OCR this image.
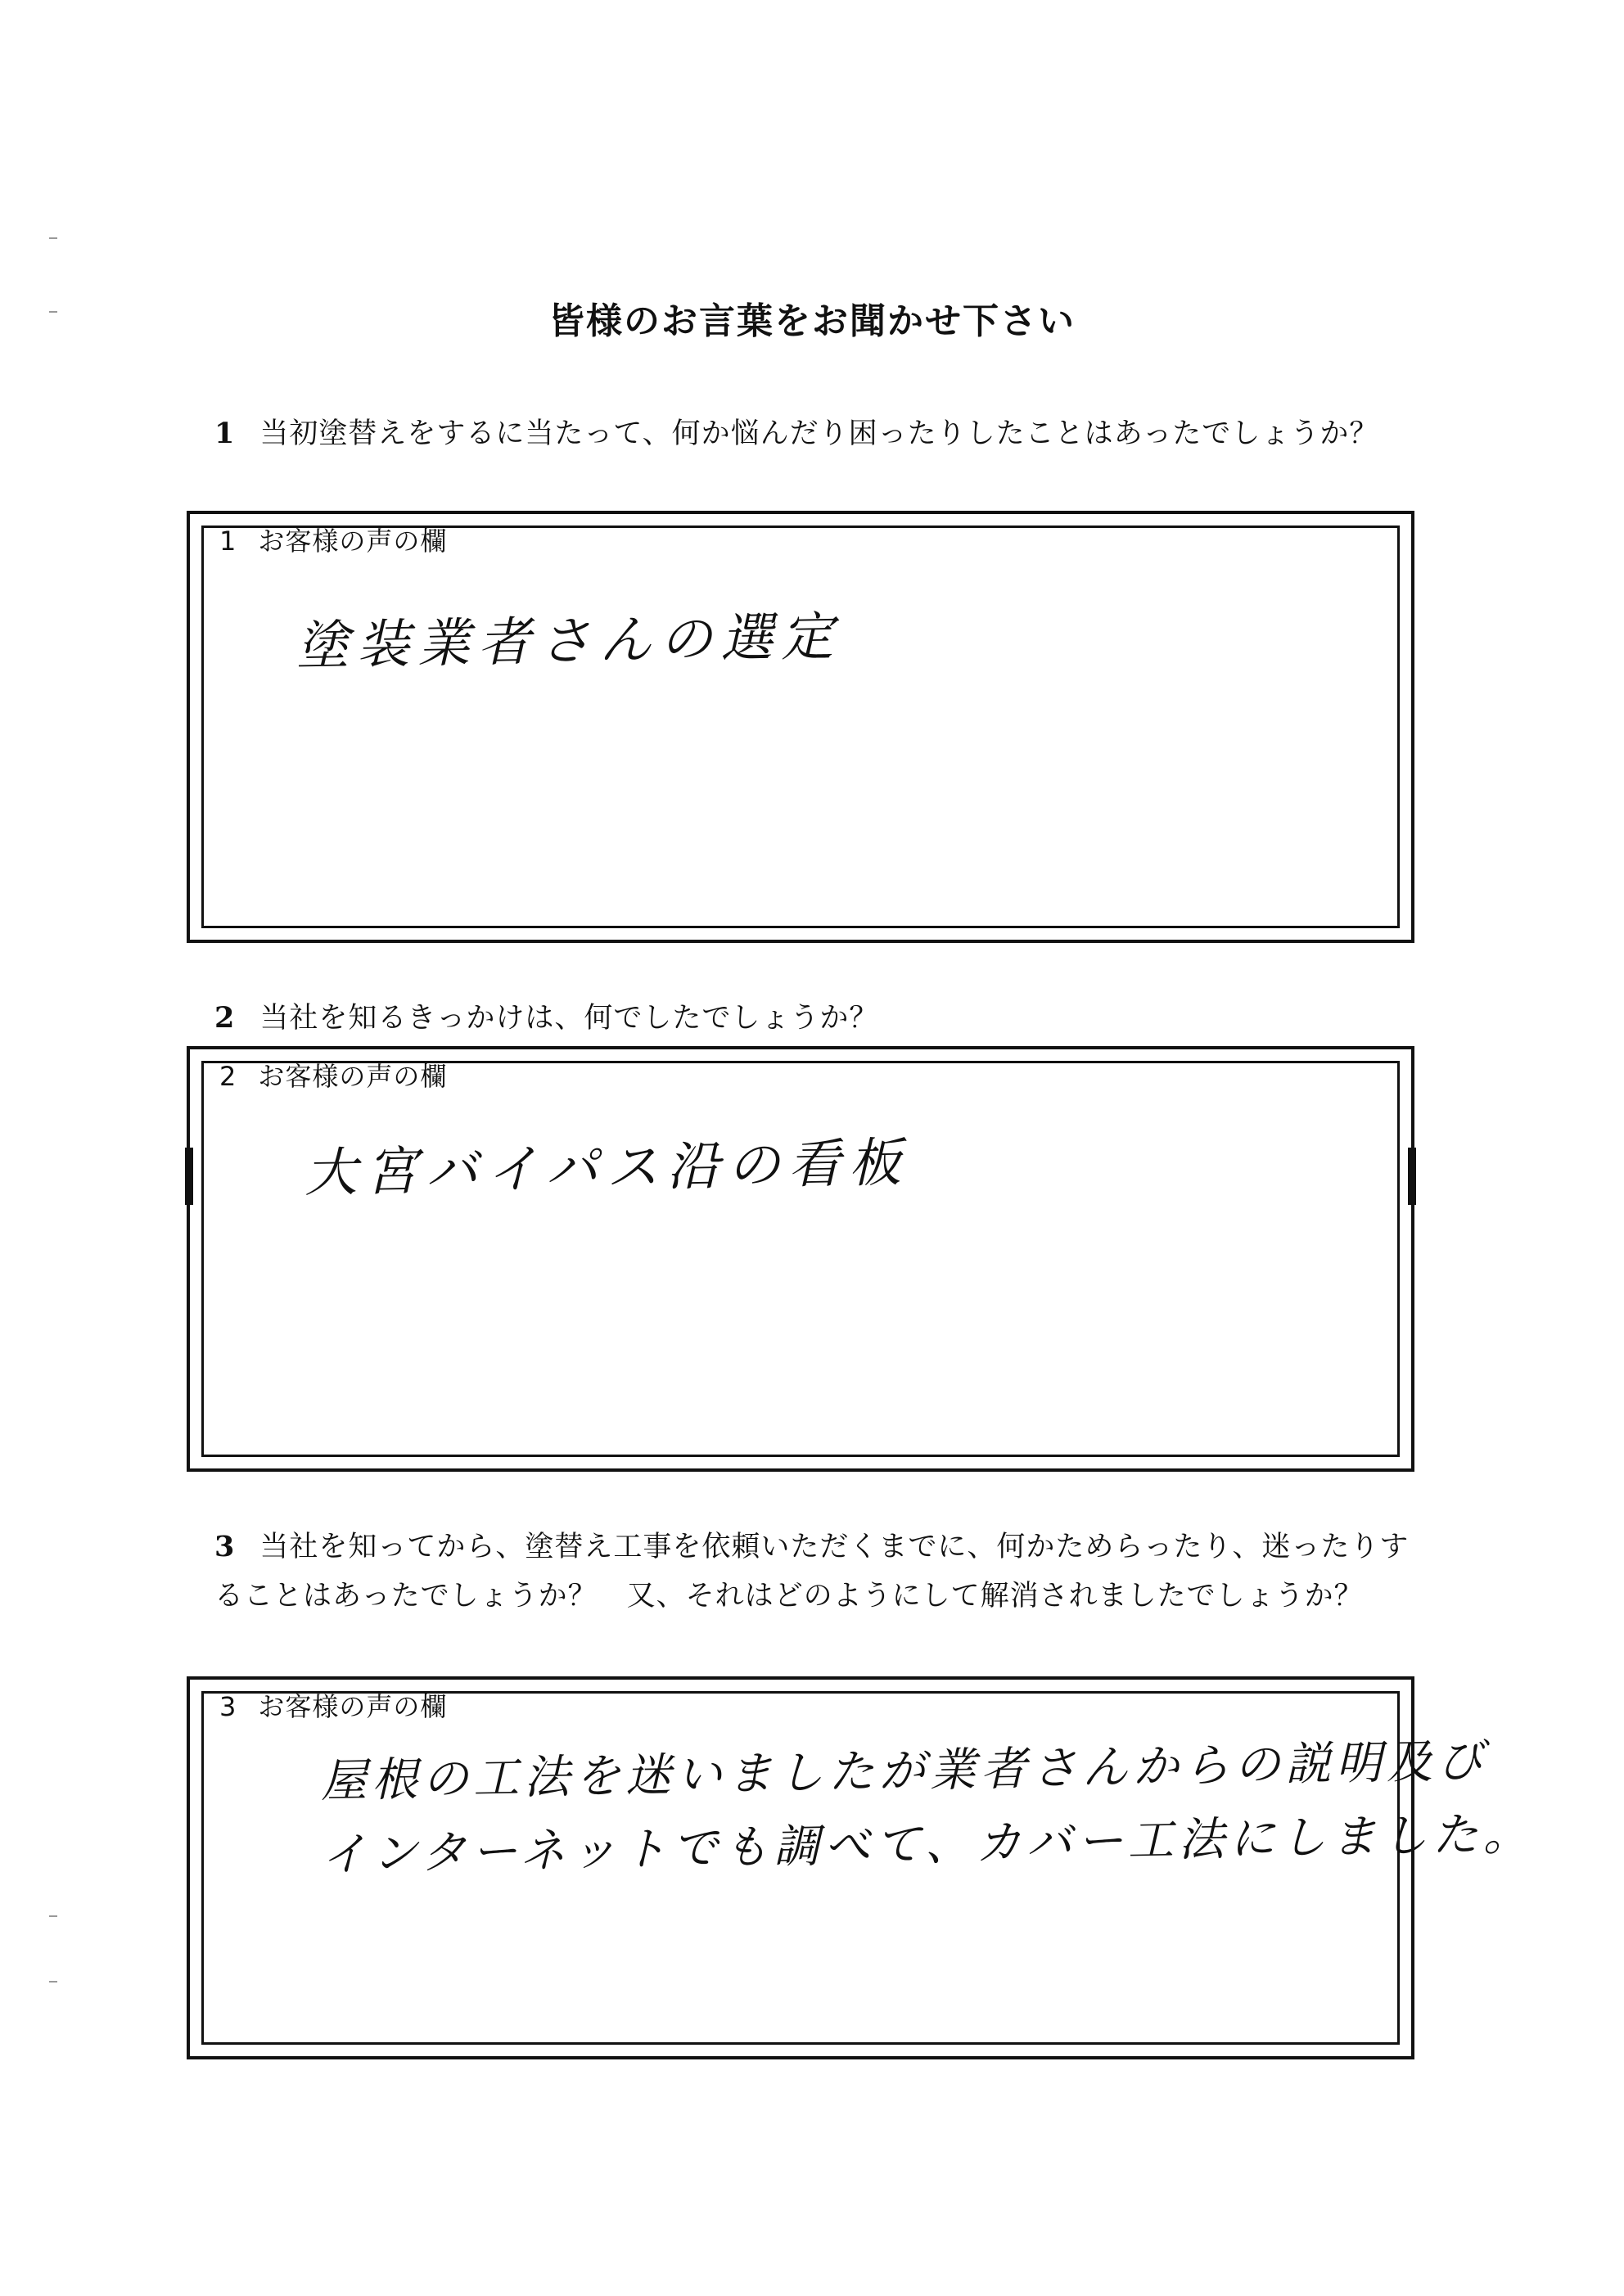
皆様のお言葉をお聞かせ下さい
1 当初塗替えをするに当たって、何か悩んだり困ったりしたことはあったでしょうか？
1 お客様の声の欄
塗装業者さんの選定
2 当社を知るきっかけは、何でしたでしょうか？
2 お客様の声の欄
大宮バイパス沿の看板
3 当社を知ってから、塗替え工事を依頼いただくまでに、何かためらったり、迷ったりすることはあったでしょうか？　又、それはどのようにして解消されましたでしょうか？
3 お客様の声の欄
屋根の工法を迷いましたが業者さんからの説明及び
インターネットでも調べて、カバー工法にしました。
